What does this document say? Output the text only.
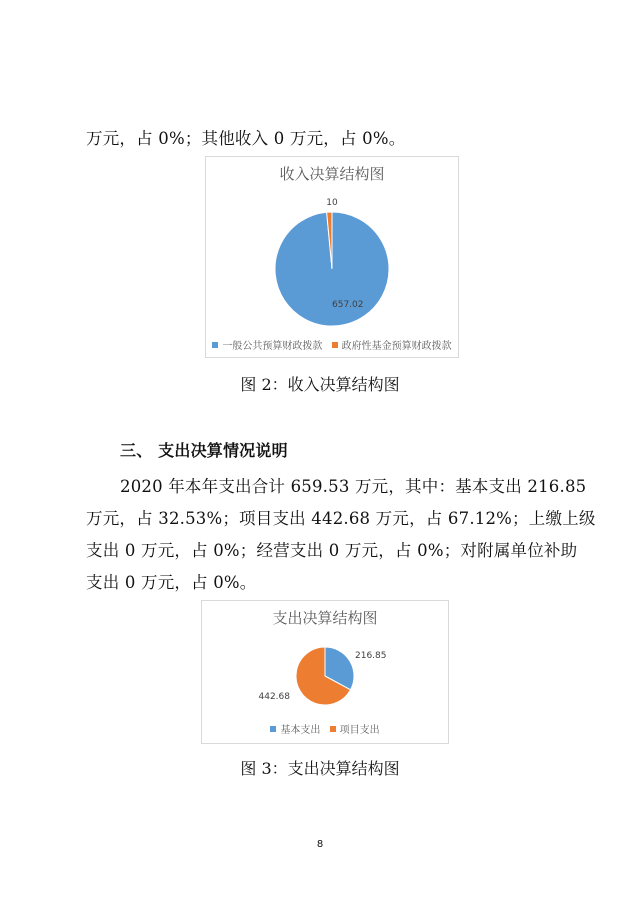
万元，占 0%；其他收入 0 万元，占 0%。
收入决算结构图
657.02
10
一般公共预算财政拨款 政府性基金预算财政拨款
图 2：收入决算结构图
三、 支出决算情况说明
2020 年本年支出合计 659.53 万元，其中：基本支出 216.85
万元，占 32.53%；项目支出 442.68 万元，占 67.12%；上缴上级
支出 0 万元，占 0%；经营支出 0 万元，占 0%；对附属单位补助
支出 0 万元，占 0%。
支出决算结构图
216.85
442.68
基本支出 项目支出
图 3：支出决算结构图
8
